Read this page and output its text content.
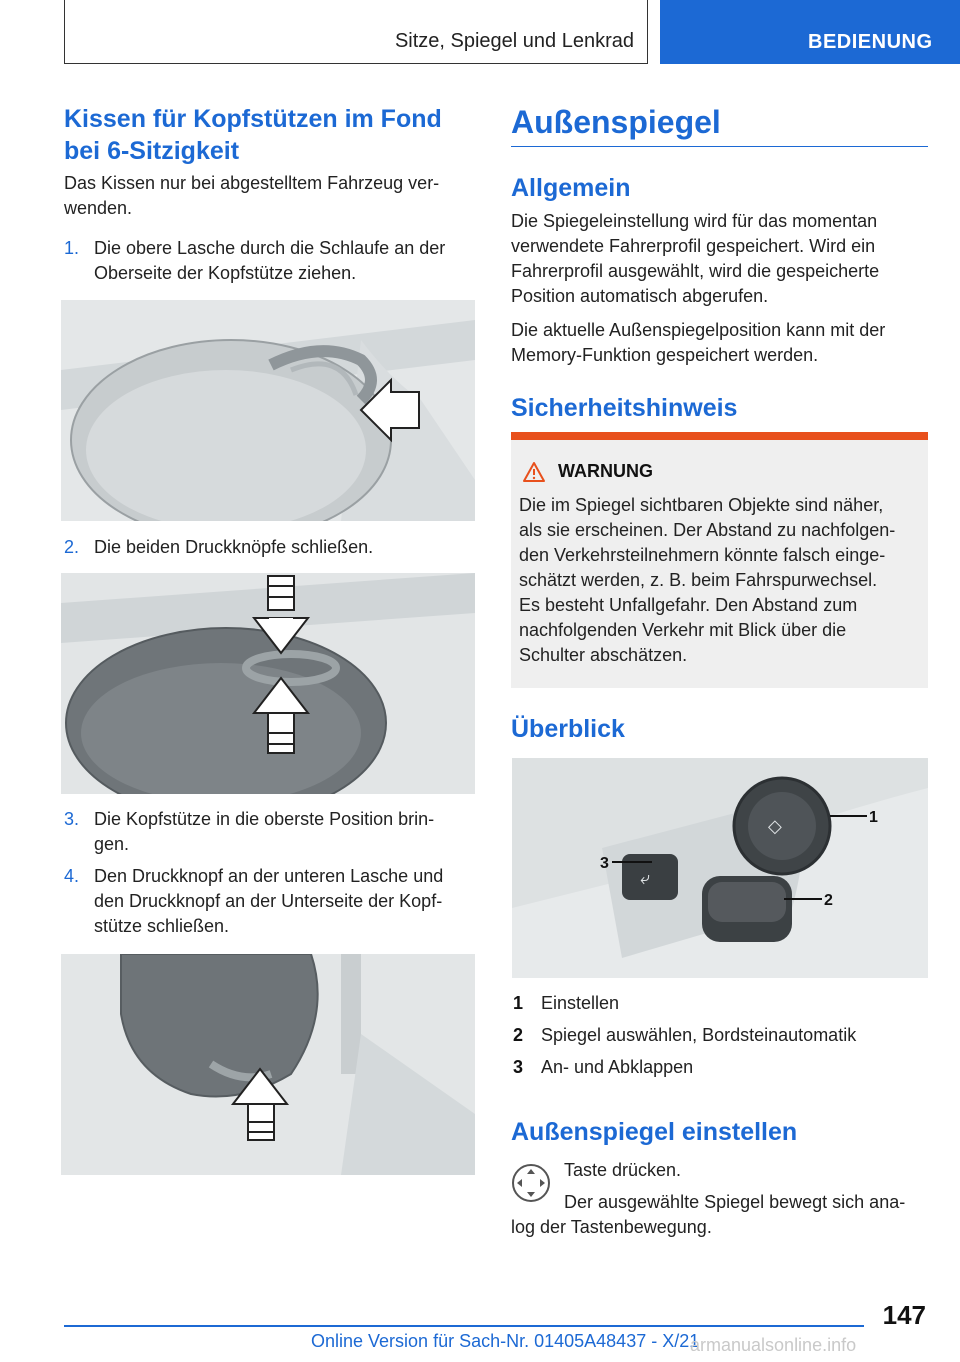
Sitze, Spiegel und Lenkrad	BEDIENUNG
Kissen für Kopfstützen im Fond
bei 6‑Sitzigkeit
Das Kissen nur bei abgestelltem Fahrzeug ver-
wenden.
1. Die obere Lasche durch die Schlaufe an der
Oberseite der Kopfstütze ziehen.
2. Die beiden Druckknöpfe schließen.
3. Die Kopfstütze in die oberste Position brin-
gen.
4. Den Druckknopf an der unteren Lasche und
den Druckknopf an der Unterseite der Kopf-
stütze schließen.
Außenspiegel
Allgemein
Die Spiegeleinstellung wird für das momentan
verwendete Fahrerprofil gespeichert. Wird ein
Fahrerprofil ausgewählt, wird die gespeicherte
Position automatisch abgerufen.
Die aktuelle Außenspiegelposition kann mit der
Memory-Funktion gespeichert werden.
Sicherheitshinweis
WARNUNG
Die im Spiegel sichtbaren Objekte sind näher,
als sie erscheinen. Der Abstand zu nachfolgen-
den Verkehrsteilnehmern könnte falsch einge-
schätzt werden, z. B. beim Fahrspurwechsel.
Es besteht Unfallgefahr. Den Abstand zum
nachfolgenden Verkehr mit Blick über die
Schulter abschätzen.
Überblick
◇
⤶
1
2
3
1 Einstellen
2 Spiegel auswählen, Bordsteinautomatik
3 An- und Abklappen
Außenspiegel einstellen
Taste drücken.
Der ausgewählte Spiegel bewegt sich ana-
log der Tastenbewegung.
147
Online Version für Sach-Nr. 01405A48437 - X/21
armanualsonline.info
